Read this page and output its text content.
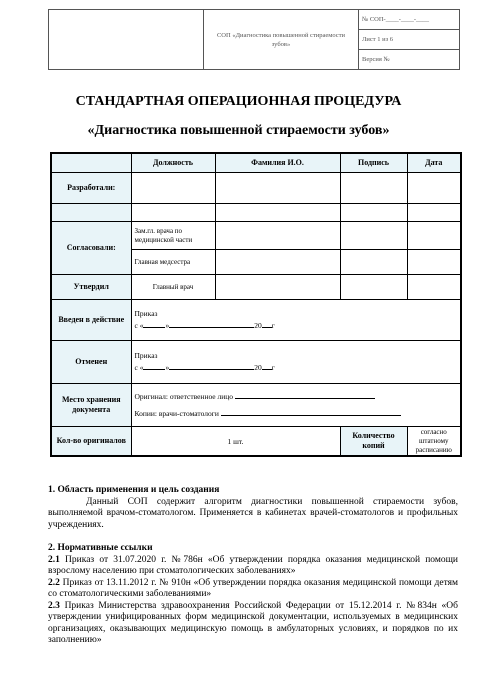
	СОП «Диагностика повышенной стираемости зубов»	№ СОП-____-____-____
Лист 1 из 6
Версия №
СТАНДАРТНАЯ ОПЕРАЦИОННАЯ ПРОЦЕДУРА
«Диагностика повышенной стираемости зубов»
	Должность	Фамилия И.О.	Подпись	Дата
Разработали:				

Согласовали:	Зам.гл. врача по медицинской части			
	Главная медсестра			
Утвердил	Главный врач			
Введен в действие	Приказ
с « » 20 г			

Отменен	Приказ
с « » 20 г			

Место хранения документа	Оригинал: ответственное лицо
Копии: врачи-стоматологи			

Кол-во оригиналов	1 шт.		Количество копий	согласно штатному расписанию
1. Область применения и цель создания

Данный СОП содержит алгоритм диагностики повышенной стираемости зубов, выполняемой врачом-стоматологом. Применяется в кабинетах врачей-стоматологов и профильных учреждениях.

2. Нормативные ссылки

2.1 Приказ от 31.07.2020 г. №786н «Об утверждении порядка оказания медицинской помощи взрослому населению при стоматологических заболеваниях»

2.2 Приказ от 13.11.2012 г. № 910н «Об утверждении порядка оказания медицинской помощи детям со стоматологическими заболеваниями»

2.3 Приказ Министерства здравоохранения Российской Федерации от 15.12.2014 г. №834н «Об утверждении унифицированных форм медицинской документации, используемых в медицинских организациях, оказывающих медицинскую помощь в амбулаторных условиях, и порядков по их заполнению»
